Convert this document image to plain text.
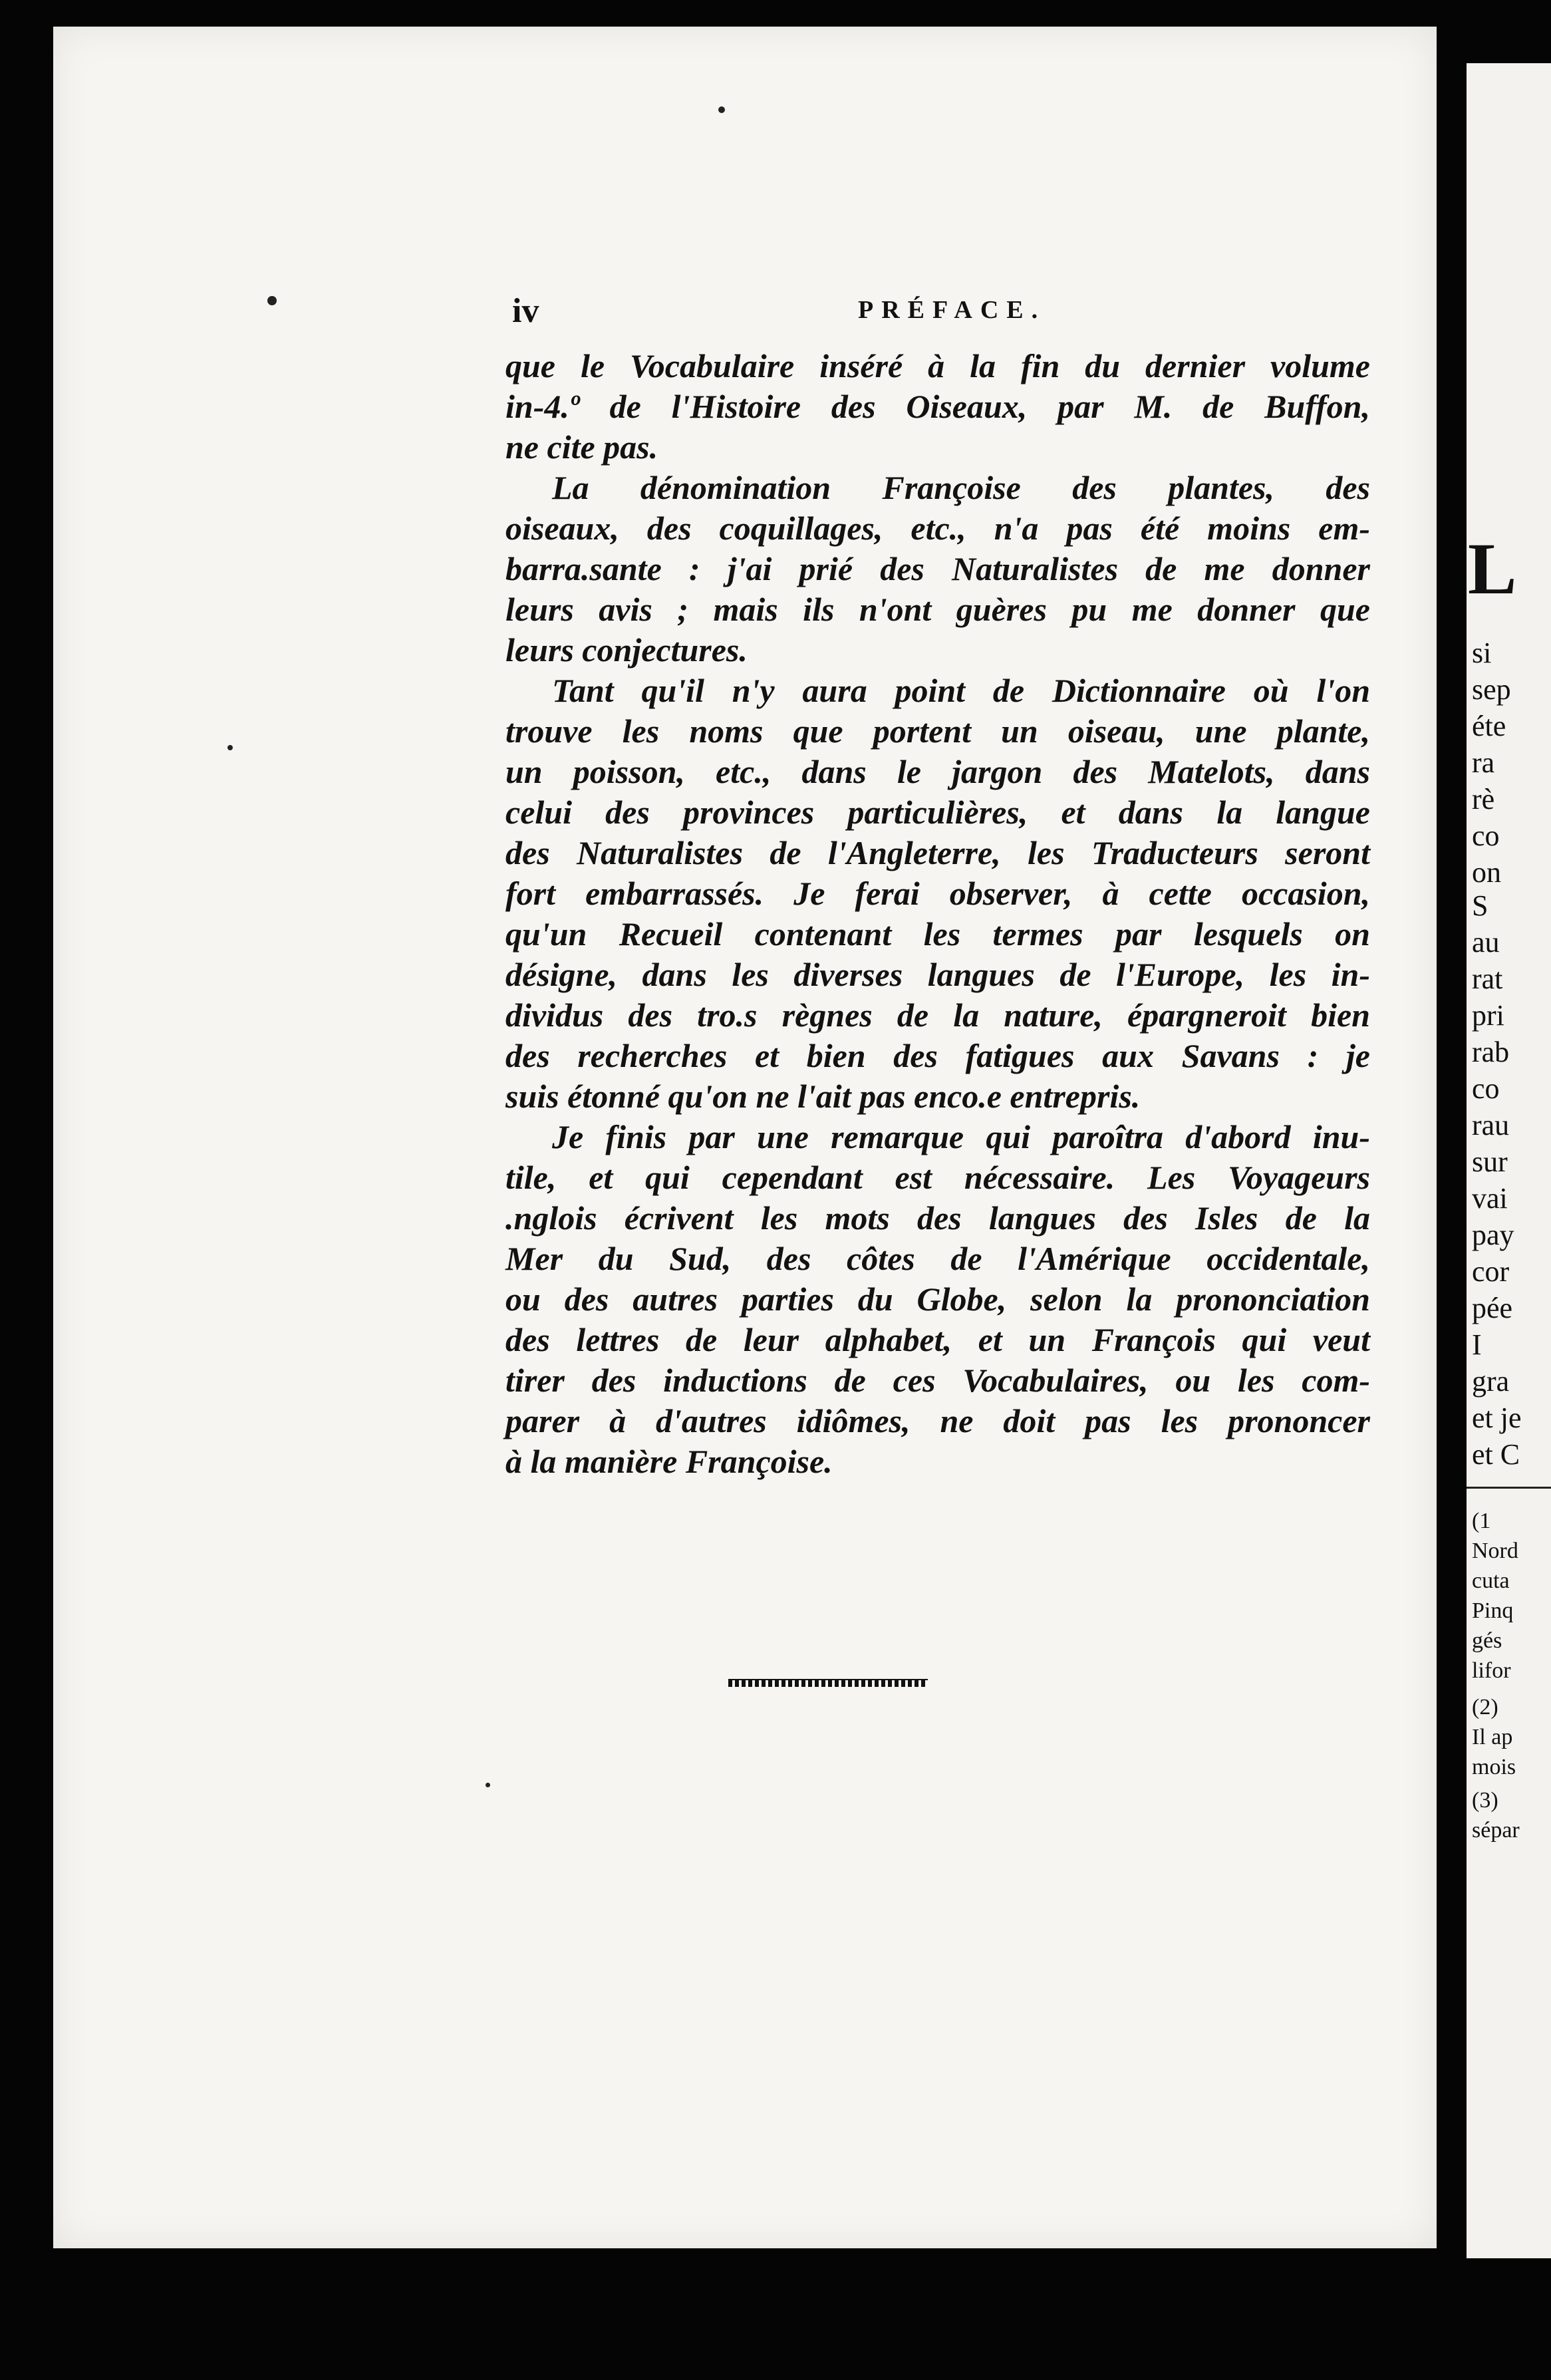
iv	PRÉFACE.
que le Vocabulaire inséré à la fin du dernier volume
in-4.º de l'Histoire des Oiseaux, par M. de Buffon,
ne cite pas.
La dénomination Françoise des plantes, des
oiseaux, des coquillages, etc., n'a pas été moins em-
barra.sante : j'ai prié des Naturalistes de me donner
leurs avis ; mais ils n'ont guères pu me donner que
leurs conjectures.
Tant qu'il n'y aura point de Dictionnaire où l'on
trouve les noms que portent un oiseau, une plante,
un poisson, etc., dans le jargon des Matelots, dans
celui des provinces particulières, et dans la langue
des Naturalistes de l'Angleterre, les Traducteurs seront
fort embarrassés. Je ferai observer, à cette occasion,
qu'un Recueil contenant les termes par lesquels on
désigne, dans les diverses langues de l'Europe, les in-
dividus des tro.s règnes de la nature, épargneroit bien
des recherches et bien des fatigues aux Savans : je
suis étonné qu'on ne l'ait pas enco.e entrepris.
Je finis par une remarque qui paroîtra d'abord inu-
tile, et qui cependant est nécessaire. Les Voyageurs
.nglois écrivent les mots des langues des Isles de la
Mer du Sud, des côtes de l'Amérique occidentale,
ou des autres parties du Globe, selon la prononciation
des lettres de leur alphabet, et un François qui veut
tirer des inductions de ces Vocabulaires, ou les com-
parer à d'autres idiômes, ne doit pas les prononcer
à la manière Françoise.
L
si
sep
éte
ra
rè
co
on
S
au
rat
pri
rab
co
rau
sur
vai
pay
cor
pée
I
gra
et je
et C
(1
Nord
cuta
Pinq
gés
lifor
(2)
Il ap
mois
(3)
sépar
